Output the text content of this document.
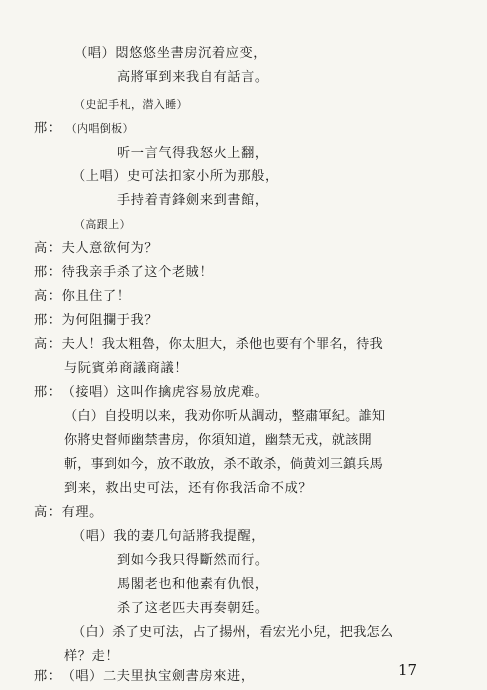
（唱）悶悠悠坐書房沉着应变，
高將軍到来我自有話言。
（史記手札，潜入睡）
邢： （内唱倒板）
听一言气得我怒火上翻，
（上唱）史可法扣家小所为那般，
手持着青鋒劍来到書館，
（高跟上）
高：夫人意欲何为？
邢：待我亲手杀了这个老賊！
高：你且住了！
邢：为何阻攔于我？
高：夫人！我太粗魯，你太胆大，杀他也要有个罪名，待我
与阮賓弟商議商議！
邢：（接唱）这叫作擒虎容易放虎难。
（白）自投明以来，我劝你听从調动，整肅軍紀。誰知
你將史督师幽禁書房，你須知道，幽禁无戎，就該開
斬，事到如今，放不敢放，杀不敢杀，倘黄刘三鎮兵馬
到来，救出史可法，还有你我活命不成？
高：有理。
（唱）我的妻几句話將我提醒，
到如今我只得斷然而行。
馬閣老也和他素有仇恨，
杀了这老匹夫再奏朝廷。
（白）杀了史可法，占了揚州，看宏光小兒，把我怎么
样？走！
邢：（唱）二夫里执宝劍書房來进，	17
